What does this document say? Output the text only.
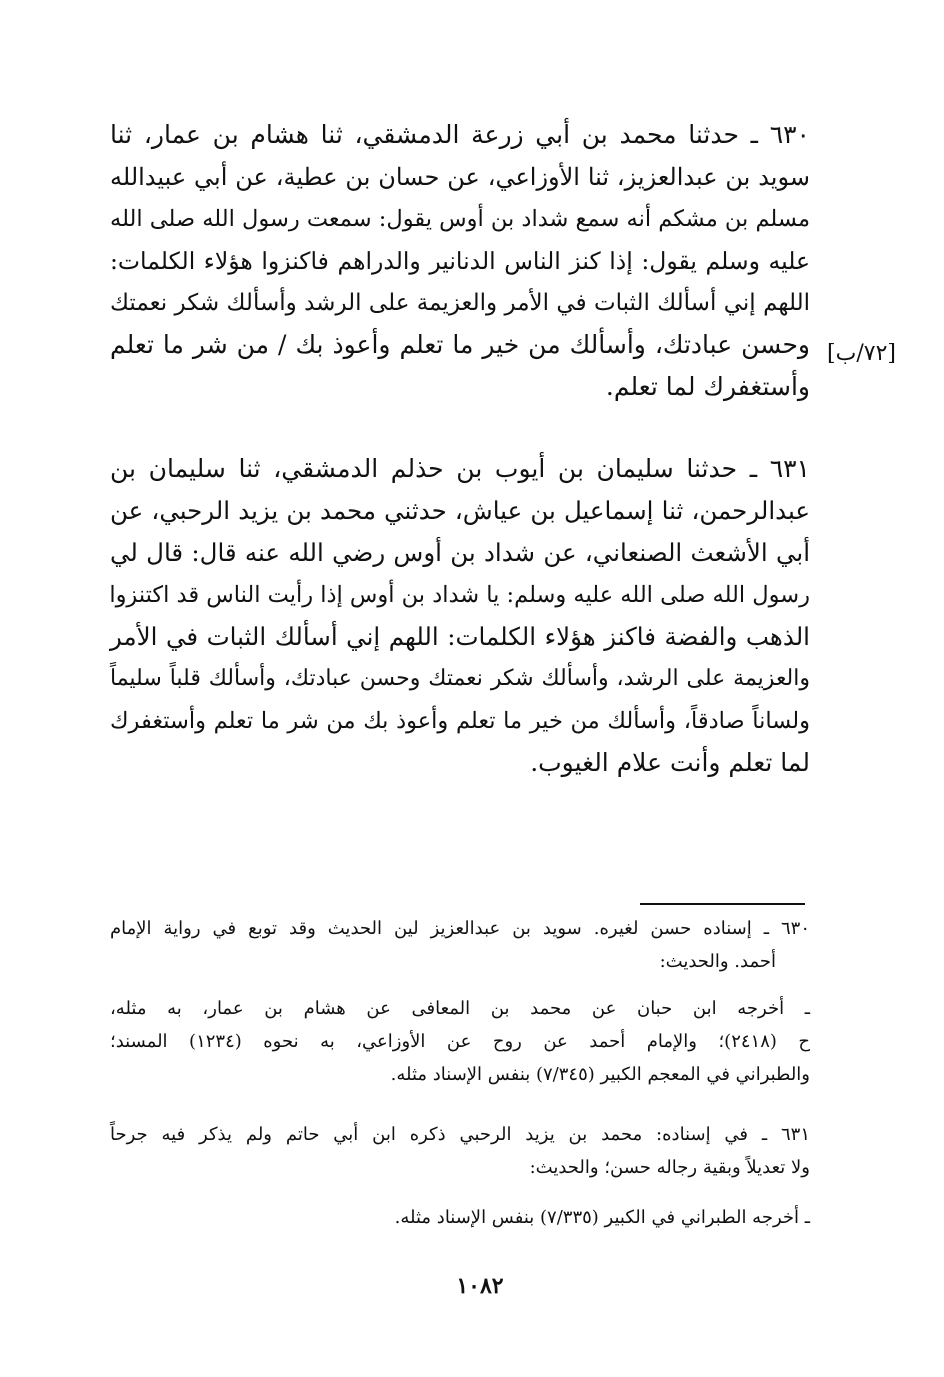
٦٣٠ ـ حدثنا محمد بن أبي زرعة الدمشقي، ثنا هشام بن عمار، ثنا
سويد بن عبدالعزيز، ثنا الأوزاعي، عن حسان بن عطية، عن أبي عبيدالله
مسلم بن مشكم أنه سمع شداد بن أوس يقول: سمعت رسول الله صلى الله
عليه وسلم يقول: إذا كنز الناس الدنانير والدراهم فاكنزوا هؤلاء الكلمات:
اللهم إني أسألك الثبات في الأمر والعزيمة على الرشد وأسألك شكر نعمتك
وحسن عبادتك، وأسألك من خير ما تعلم وأعوذ بك / من شر ما تعلم
وأستغفرك لما تعلم.
[٧٢/ب]
٦٣١ ـ حدثنا سليمان بن أيوب بن حذلم الدمشقي، ثنا سليمان بن
عبدالرحمن، ثنا إسماعيل بن عياش، حدثني محمد بن يزيد الرحبي، عن
أبي الأشعث الصنعاني، عن شداد بن أوس رضي الله عنه قال: قال لي
رسول الله صلى الله عليه وسلم: يا شداد بن أوس إذا رأيت الناس قد اكتنزوا
الذهب والفضة فاكنز هؤلاء الكلمات: اللهم إني أسألك الثبات في الأمر
والعزيمة على الرشد، وأسألك شكر نعمتك وحسن عبادتك، وأسألك قلباً سليماً
ولساناً صادقاً، وأسألك من خير ما تعلم وأعوذ بك من شر ما تعلم وأستغفرك
لما تعلم وأنت علام الغيوب.
٦٣٠ ـ إسناده حسن لغيره. سويد بن عبدالعزيز لين الحديث وقد توبع في رواية الإمام
أحمد. والحديث:
ـ أخرجه ابن حبان عن محمد بن المعافى عن هشام بن عمار، به مثله،
ح (٢٤١٨)؛ والإمام أحمد عن روح عن الأوزاعي، به نحوه (١٢٣٤) المسند؛
والطبراني في المعجم الكبير (٧/٣٤٥) بنفس الإسناد مثله.
٦٣١ ـ في إسناده: محمد بن يزيد الرحبي ذكره ابن أبي حاتم ولم يذكر فيه جرحاً
ولا تعديلاً وبقية رجاله حسن؛ والحديث:
ـ أخرجه الطبراني في الكبير (٧/٣٣٥) بنفس الإسناد مثله.
١٠٨٢
